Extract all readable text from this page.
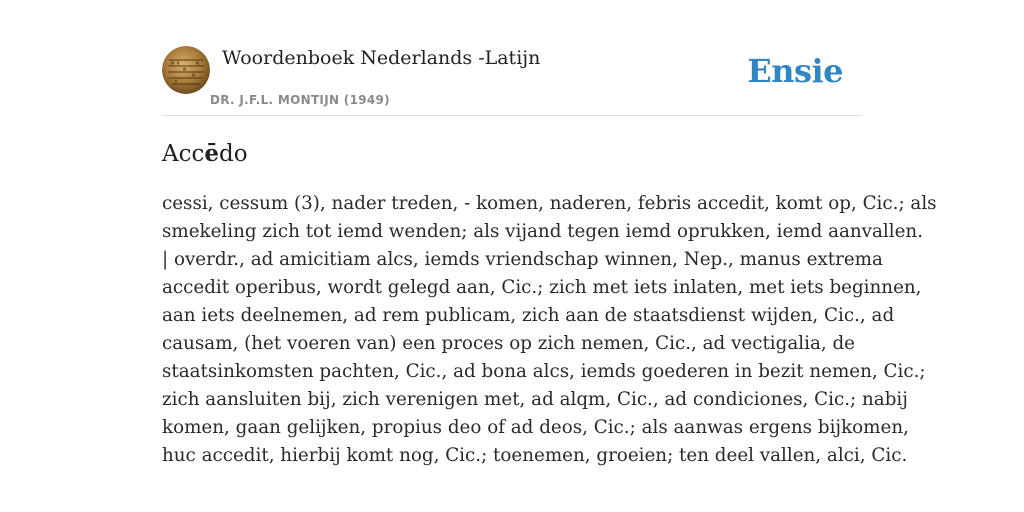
Woordenboek Nederlands -Latijn
DR. J.F.L. MONTIJN (1949)
Ensie
Accēdo
cessi, cessum (3), nader treden, - komen, naderen, febris accedit, komt op, Cic.; als
smekeling zich tot iemd wenden; als vijand tegen iemd oprukken, iemd aanvallen.
| overdr., ad amicitiam alcs, iemds vriendschap winnen, Nep., manus extrema
accedit operibus, wordt gelegd aan, Cic.; zich met iets inlaten, met iets beginnen,
aan iets deelnemen, ad rem publicam, zich aan de staatsdienst wijden, Cic., ad
causam, (het voeren van) een proces op zich nemen, Cic., ad vectigalia, de
staatsinkomsten pachten, Cic., ad bona alcs, iemds goederen in bezit nemen, Cic.;
zich aansluiten bij, zich verenigen met, ad alqm, Cic., ad condiciones, Cic.; nabij
komen, gaan gelijken, propius deo of ad deos, Cic.; als aanwas ergens bijkomen,
huc accedit, hierbij komt nog, Cic.; toenemen, groeien; ten deel vallen, alci, Cic.
